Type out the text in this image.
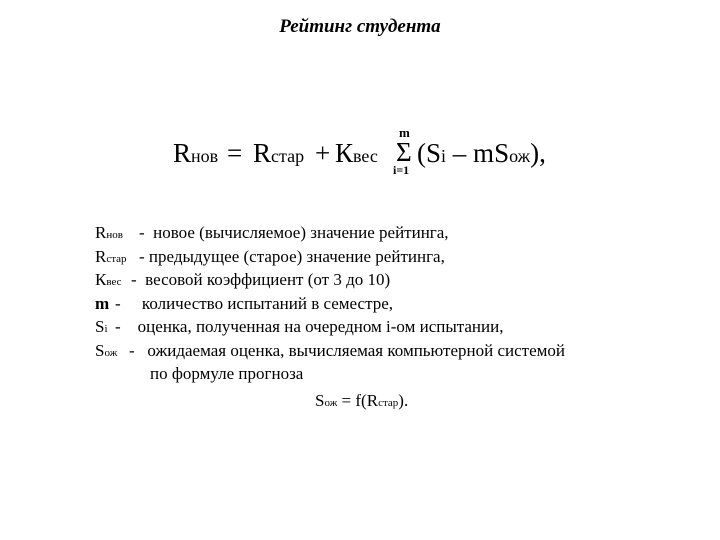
Рейтинг студента
Rнов = Rстар + Квес
m
Σ
i=1
(Si – mSож),
Rнов - новое (вычисляемое) значение рейтинга,
Rстар - предыдущее (старое) значение рейтинга,
Квес - весовой коэффициент (от 3 до 10)
m - количество испытаний в семестре,
Si - оценка, полученная на очередном i-ом испытании,
Sож - ожидаемая оценка, вычисляемая компьютерной системой
по формуле прогноза
Sож = f(Rстар).
